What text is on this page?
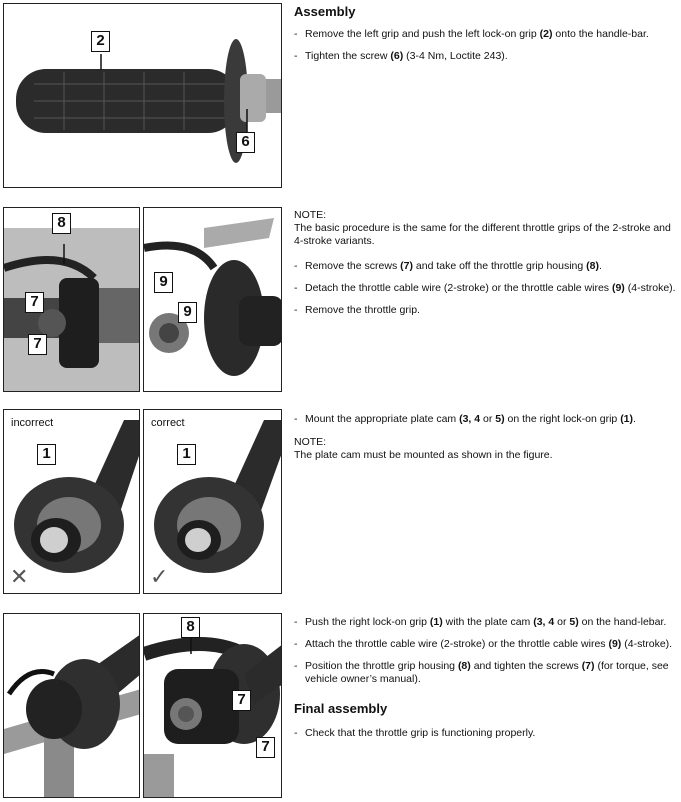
2
6

Assembly

- Remove the left grip and push the left lock-on grip (2) onto the handle-bar.

- Tighten the screw (6) (3-4 Nm, Loctite 243).

8
7
7
9
9

NOTE:

The basic procedure is the same for the different throttle grips of the 2-stroke and 4-stroke variants.

- Remove the screws (7) and take off the throttle grip housing (8).

- Detach the throttle cable wire (2-stroke) or the throttle cable wires (9) (4-stroke).

- Remove the throttle grip.

incorrect
1
✕
correct
1
✓

- Mount the appropriate plate cam (3, 4 or 5) on the right lock-on grip (1).

NOTE:

The plate cam must be mounted as shown in the figure.

8
7
7

- Push the right lock-on grip (1) with the plate cam (3, 4 or 5) on the hand-lebar.

- Attach the throttle cable wire (2-stroke) or the throttle cable wires (9) (4-stroke).

- Position the throttle grip housing (8) and tighten the screws (7) (for torque, see vehicle owner’s manual).

Final assembly

- Check that the throttle grip is functioning properly.
